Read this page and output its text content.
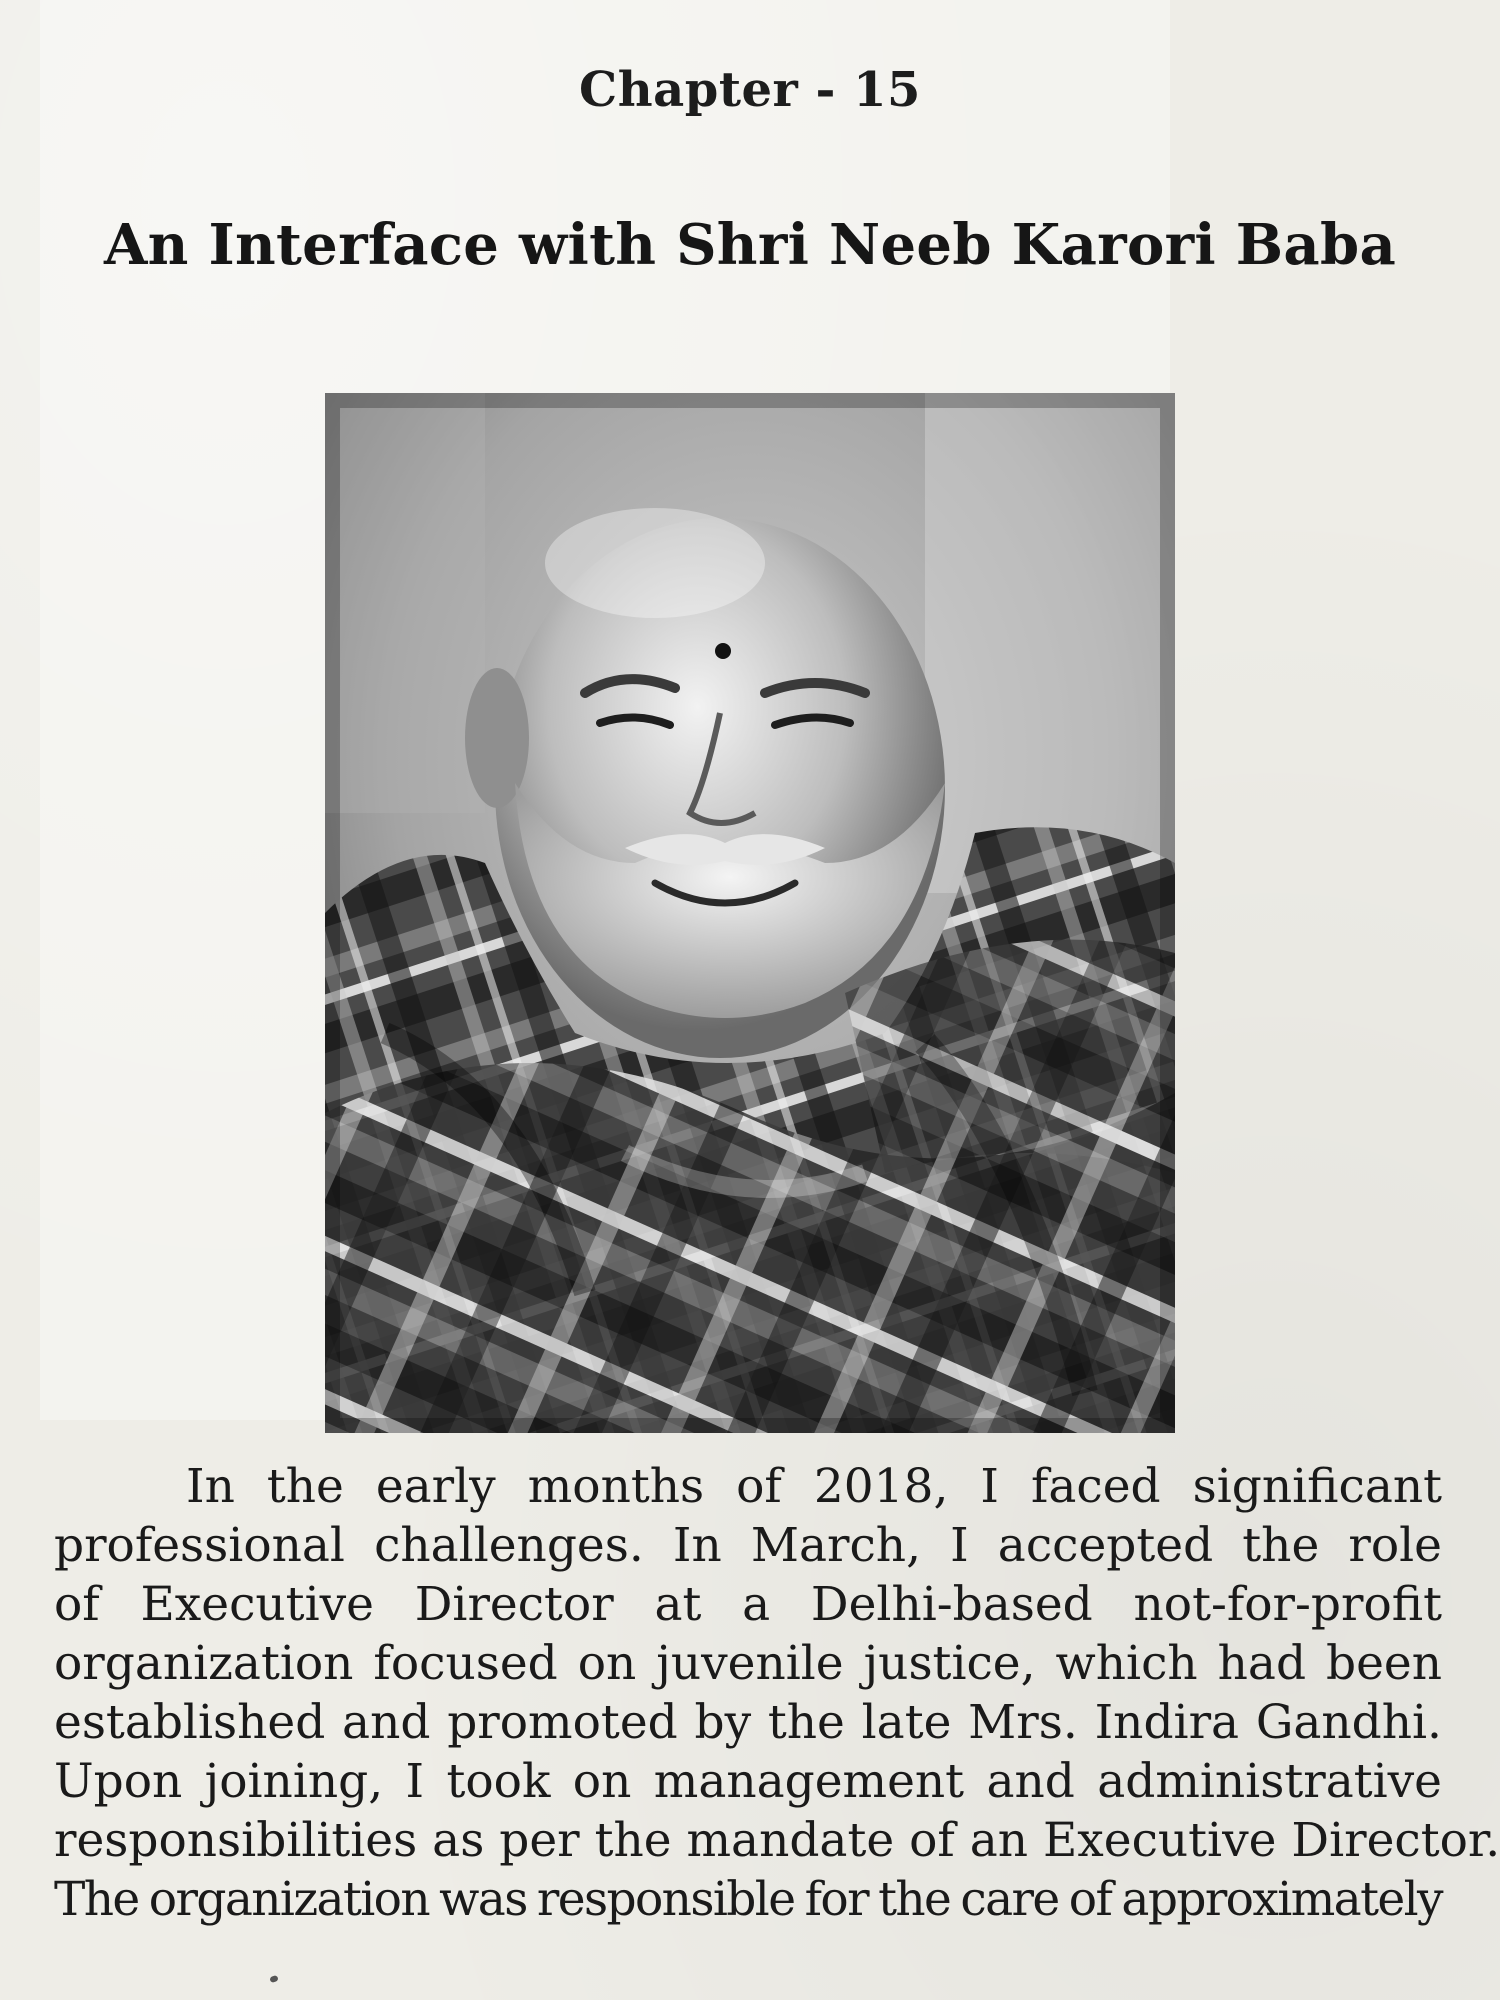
Chapter - 15
An Interface with Shri Neeb Karori Baba
In the early months of 2018, I faced significant
professional challenges. In March, I accepted the role
of Executive Director at a Delhi-based not-for-profit
organization focused on juvenile justice, which had been
established and promoted by the late Mrs. Indira Gandhi.
Upon joining, I took on management and administrative
responsibilities as per the mandate of an Executive Director.
The organization was responsible for the care of approximately
